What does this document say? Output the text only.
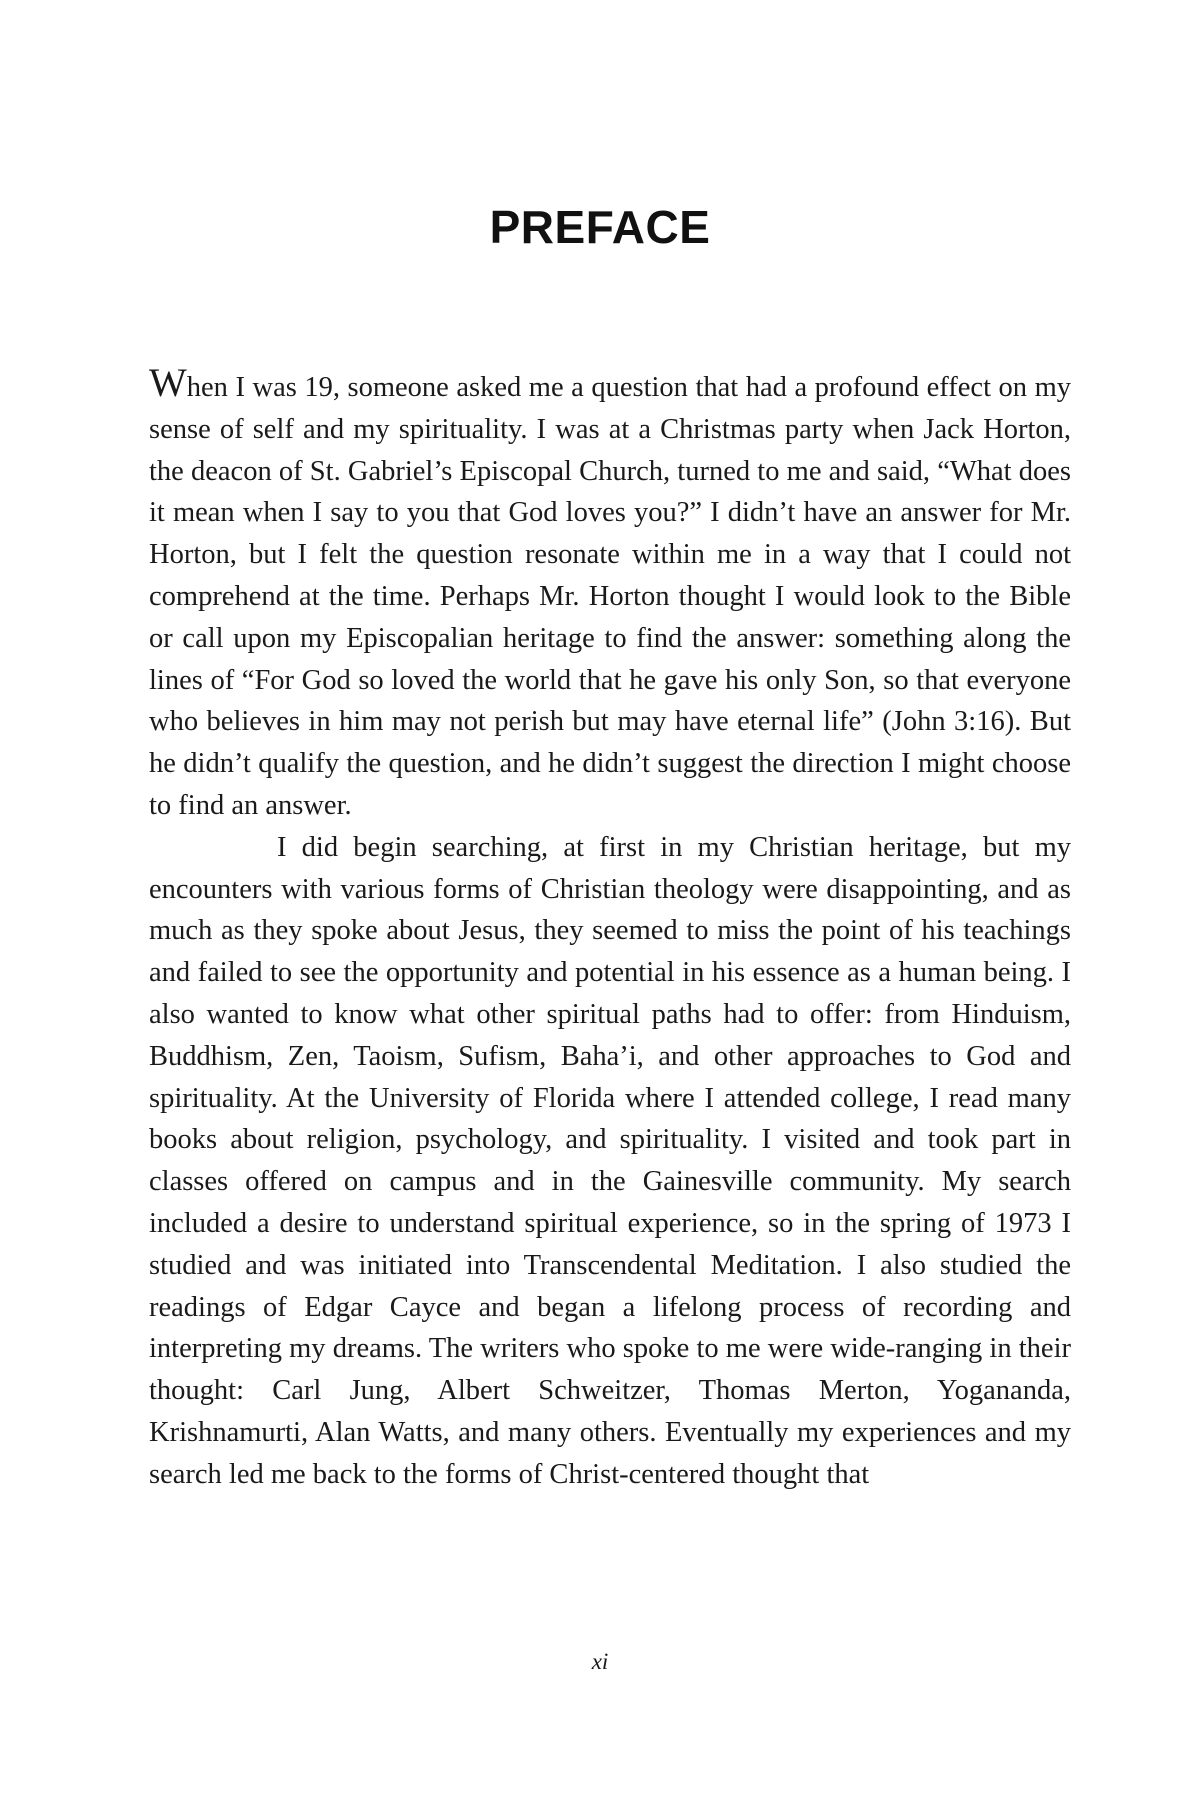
PREFACE

When I was 19, someone asked me a question that had a profound effect on my sense of self and my spirituality. I was at a Christmas party when Jack Horton, the deacon of St. Gabriel’s Episcopal Church, turned to me and said, “What does it mean when I say to you that God loves you?” I didn’t have an answer for Mr. Horton, but I felt the question resonate within me in a way that I could not comprehend at the time. Perhaps Mr. Horton thought I would look to the Bible or call upon my Episcopalian heritage to find the answer: something along the lines of “For God so loved the world that he gave his only Son, so that everyone who believes in him may not perish but may have eternal life” (John 3:16). But he didn’t qualify the question, and he didn’t suggest the direction I might choose to find an answer.

I did begin searching, at first in my Christian heritage, but my encounters with various forms of Christian theology were disappointing, and as much as they spoke about Jesus, they seemed to miss the point of his teachings and failed to see the opportunity and potential in his essence as a human being. I also wanted to know what other spiritual paths had to offer: from Hinduism, Buddhism, Zen, Taoism, Sufism, Baha’i, and other approaches to God and spirituality. At the University of Florida where I attended college, I read many books about religion, psychology, and spirituality. I visited and took part in classes offered on campus and in the Gainesville community. My search included a desire to understand spiritual experience, so in the spring of 1973 I studied and was initiated into Transcendental Meditation. I also studied the readings of Edgar Cayce and began a lifelong process of recording and interpreting my dreams. The writers who spoke to me were wide-ranging in their thought: Carl Jung, Albert Schweitzer, Thomas Merton, Yogananda, Krishnamurti, Alan Watts, and many others. Eventually my experiences and my search led me back to the forms of Christ-centered thought that

xi
